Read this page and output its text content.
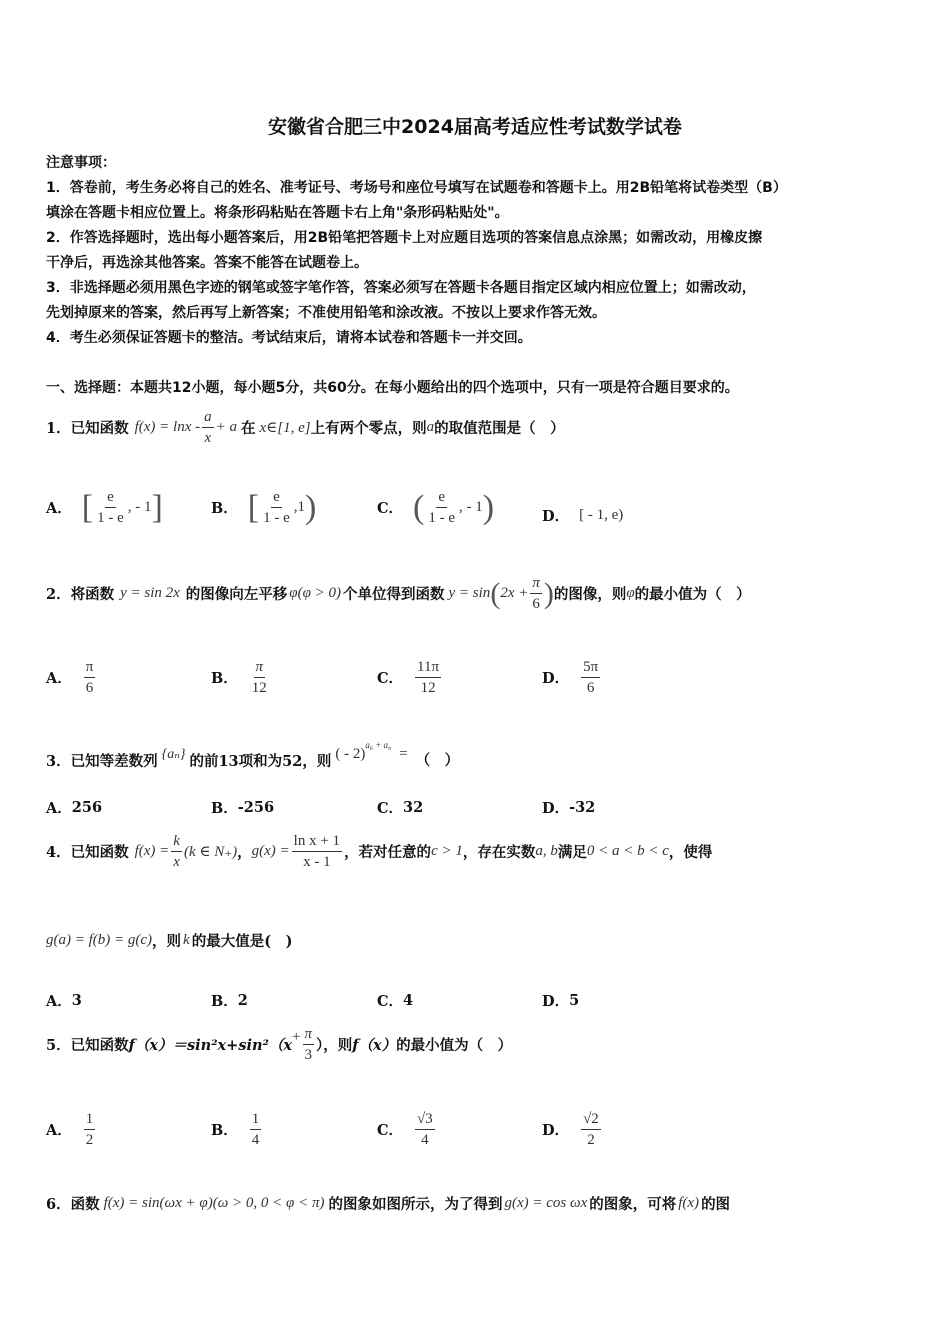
安徽省合肥三中2024届高考适应性考试数学试卷
注意事项：
1．答卷前，考生务必将自己的姓名、准考证号、考场号和座位号填写在试题卷和答题卡上。用2B铅笔将试卷类型（B）
填涂在答题卡相应位置上。将条形码粘贴在答题卡右上角"条形码粘贴处"。
2．作答选择题时，选出每小题答案后，用2B铅笔把答题卡上对应题目选项的答案信息点涂黑；如需改动，用橡皮擦
干净后，再选涂其他答案。答案不能答在试题卷上。
3．非选择题必须用黑色字迹的钢笔或签字笔作答，答案必须写在答题卡各题目指定区域内相应位置上；如需改动，
先划掉原来的答案，然后再写上新答案；不准使用铅笔和涂改液。不按以上要求作答无效。
4．考生必须保证答题卡的整洁。考试结束后，请将本试卷和答题卡一并交回。
一、选择题：本题共12小题，每小题5分，共60分。在每小题给出的四个选项中，只有一项是符合题目要求的。
1．已知函数 $f(x) = \ln x - \frac{a}{x} + a$ 在 x∈[1, e] 上有两个零点，则 a 的取值范围是（　）
A． [ $\frac{e}{1 - e}$ , - 1 ]	B． [ $\frac{e}{1 - e} ,1$ )	C． ( $\frac{e}{1 - e}$ , - 1 )	D． [ - 1, e)
2．将函数 y = sin 2x 的图像向左平移 φ(φ > 0) 个单位得到函数 y = sin ( $2x + \frac{\pi}{6}$ ) 的图像，则 φ 的最小值为（　）
A． $\frac{\pi}{6}$	B． $\frac{\pi}{12}$	C． $\frac{11\pi}{12}$	D． $\frac{5\pi}{6}$
3．已知等差数列 {aₙ} 的前13项和为52，则 ( - 2)
a₆ + a₈
= （　）
A． 256	B． -256	C． 32	D． -32
4．已知函数 $f(x) = \frac{k}{x} (k$ ∈ N₊) ， $g(x) = \frac{\text{ln x + 1}}{x - 1}$ ，若对任意的 c > 1 ，存在实数 a, b 满足 0 < a < b < c ，使得
g(a) = f(b) = g(c) ，则 k 的最大值是(　)
A． 3	B． 2	C． 4	D． 5
5．已知函数 $f(x)=\sin^2x+\sin^2(x + \frac{\pi}{3}$ ），则 f（x） 的最小值为（　）
A． $\frac{1}{2}$	B． $\frac{1}{4}$	C． $\frac{√3}{4}$	D． $\frac{√2}{2}$
6．函数 f(x) = sin(ωx + φ)(ω > 0, 0 < φ < π) 的图象如图所示，为了得到 g(x) = cos ωx 的图象，可将 f(x) 的图
